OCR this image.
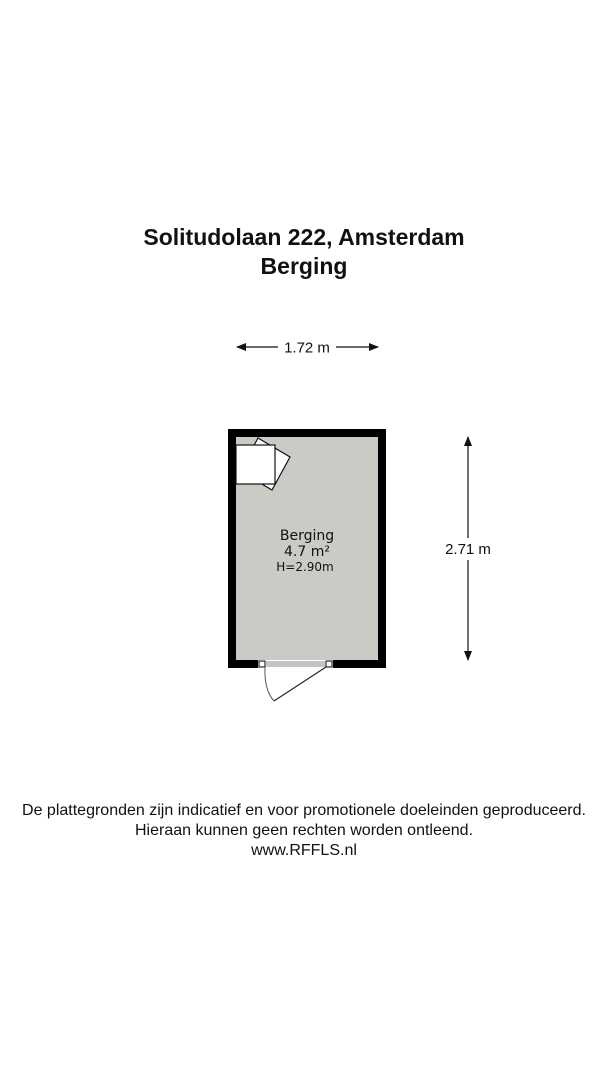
Solitudolaan 222, Amsterdam
Berging
1.72 m
2.71 m
Berging
4.7 m²
H=2.90m
De plattegronden zijn indicatief en voor promotionele doeleinden geproduceerd.
Hieraan kunnen geen rechten worden ontleend.
www.RFFLS.nl
